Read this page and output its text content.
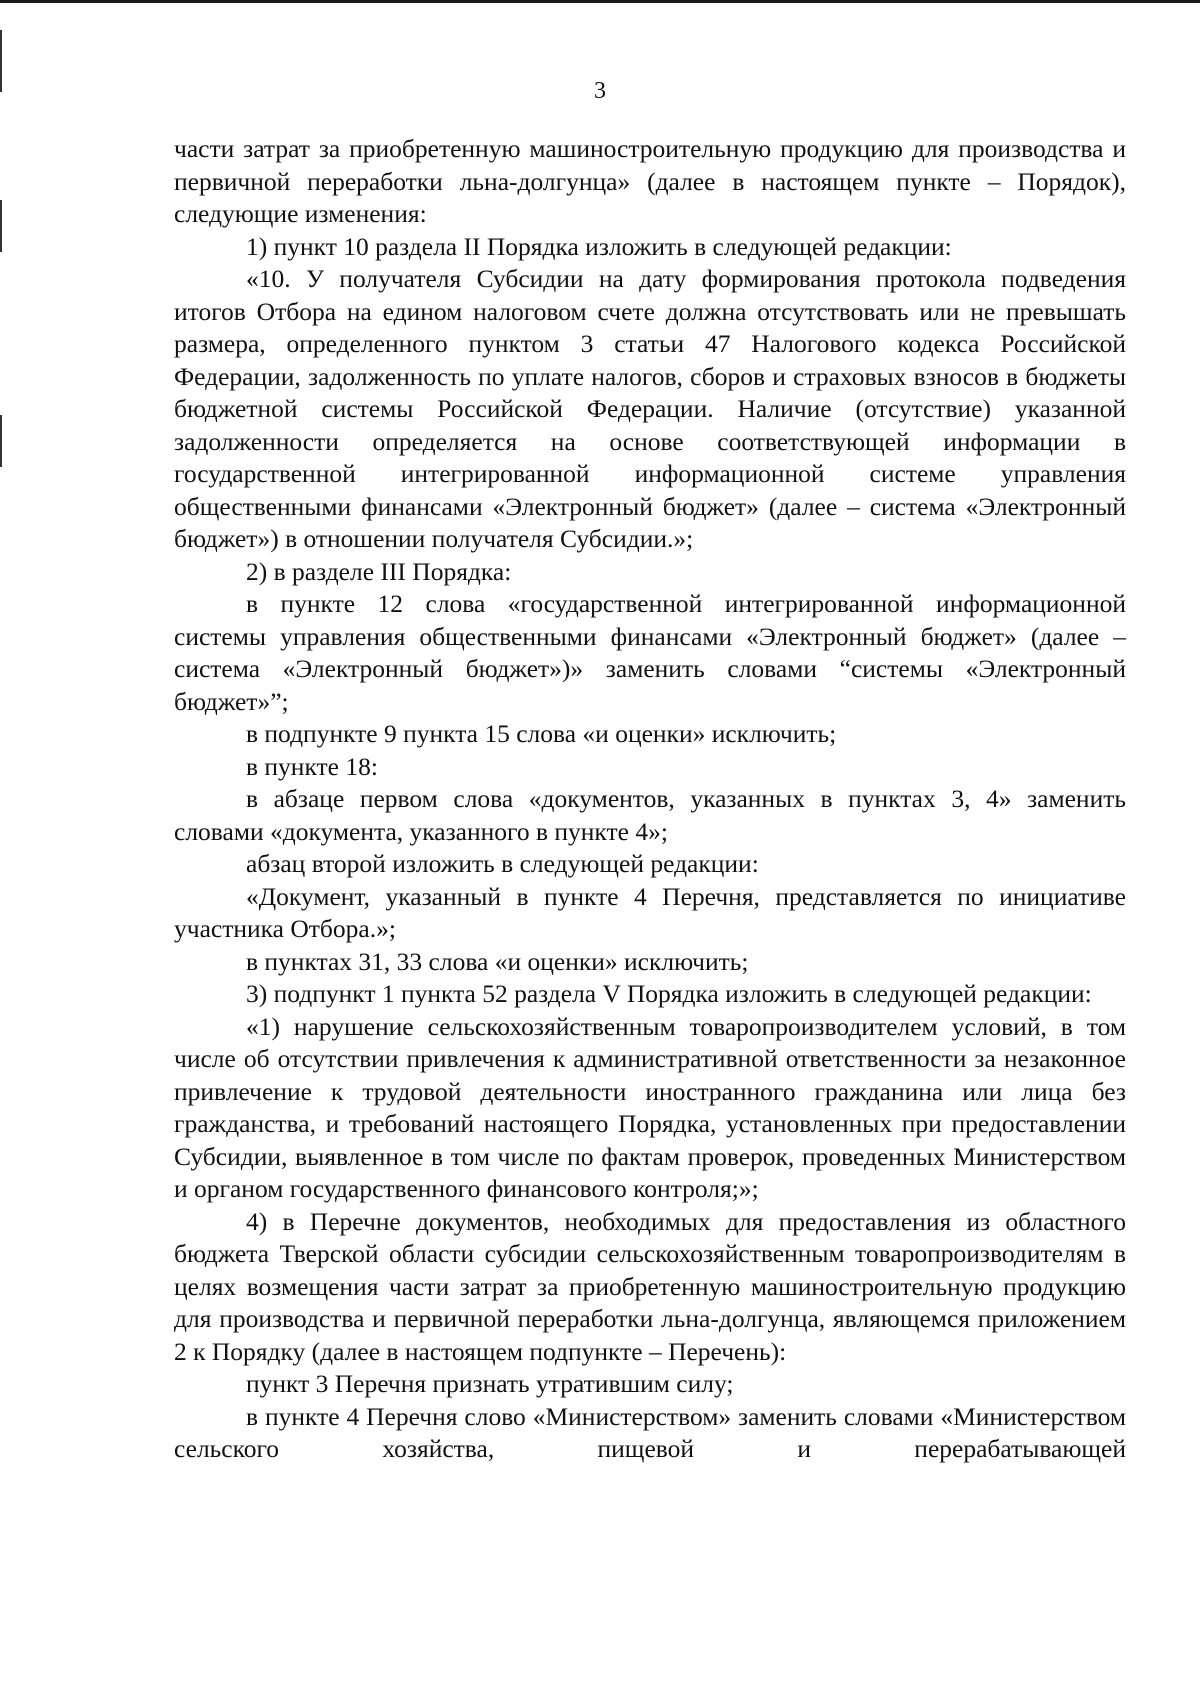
3

части затрат за приобретенную машиностроительную продукцию для производства и первичной переработки льна-долгунца» (далее в настоящем пункте – Порядок), следующие изменения:

1) пункт 10 раздела II Порядка изложить в следующей редакции:

«10. У получателя Субсидии на дату формирования протокола подведения итогов Отбора на едином налоговом счете должна отсутствовать или не превышать размера, определенного пунктом 3 статьи 47 Налогового кодекса Российской Федерации, задолженность по уплате налогов, сборов и страховых взносов в бюджеты бюджетной системы Российской Федерации. Наличие (отсутствие) указанной задолженности определяется на основе соответствующей информации в государственной интегрированной информационной системе управления общественными финансами «Электронный бюджет» (далее – система «Электронный бюджет») в отношении получателя Субсидии.»;

2) в разделе III Порядка:

в пункте 12 слова «государственной интегрированной информационной системы управления общественными финансами «Электронный бюджет» (далее – система «Электронный бюджет»)» заменить словами “системы «Электронный бюджет»”;

в подпункте 9 пункта 15 слова «и оценки» исключить;

в пункте 18:

в абзаце первом слова «документов, указанных в пунктах 3, 4» заменить словами «документа, указанного в пункте 4»;

абзац второй изложить в следующей редакции:

«Документ, указанный в пункте 4 Перечня, представляется по инициативе участника Отбора.»;

в пунктах 31, 33 слова «и оценки» исключить;

3) подпункт 1 пункта 52 раздела V Порядка изложить в следующей редакции:

«1) нарушение сельскохозяйственным товаропроизводителем условий, в том числе об отсутствии привлечения к административной ответственности за незаконное привлечение к трудовой деятельности иностранного гражданина или лица без гражданства, и требований настоящего Порядка, установленных при предоставлении Субсидии, выявленное в том числе по фактам проверок, проведенных Министерством и органом государственного финансового контроля;»;

4) в Перечне документов, необходимых для предоставления из областного бюджета Тверской области субсидии сельскохозяйственным товаропроизводителям в целях возмещения части затрат за приобретенную машиностроительную продукцию для производства и первичной переработки льна-долгунца, являющемся приложением 2 к Порядку (далее в настоящем подпункте – Перечень):

пункт 3 Перечня признать утратившим силу;

в пункте 4 Перечня слово «Министерством» заменить словами «Министерством сельского хозяйства, пищевой и перерабатывающей
